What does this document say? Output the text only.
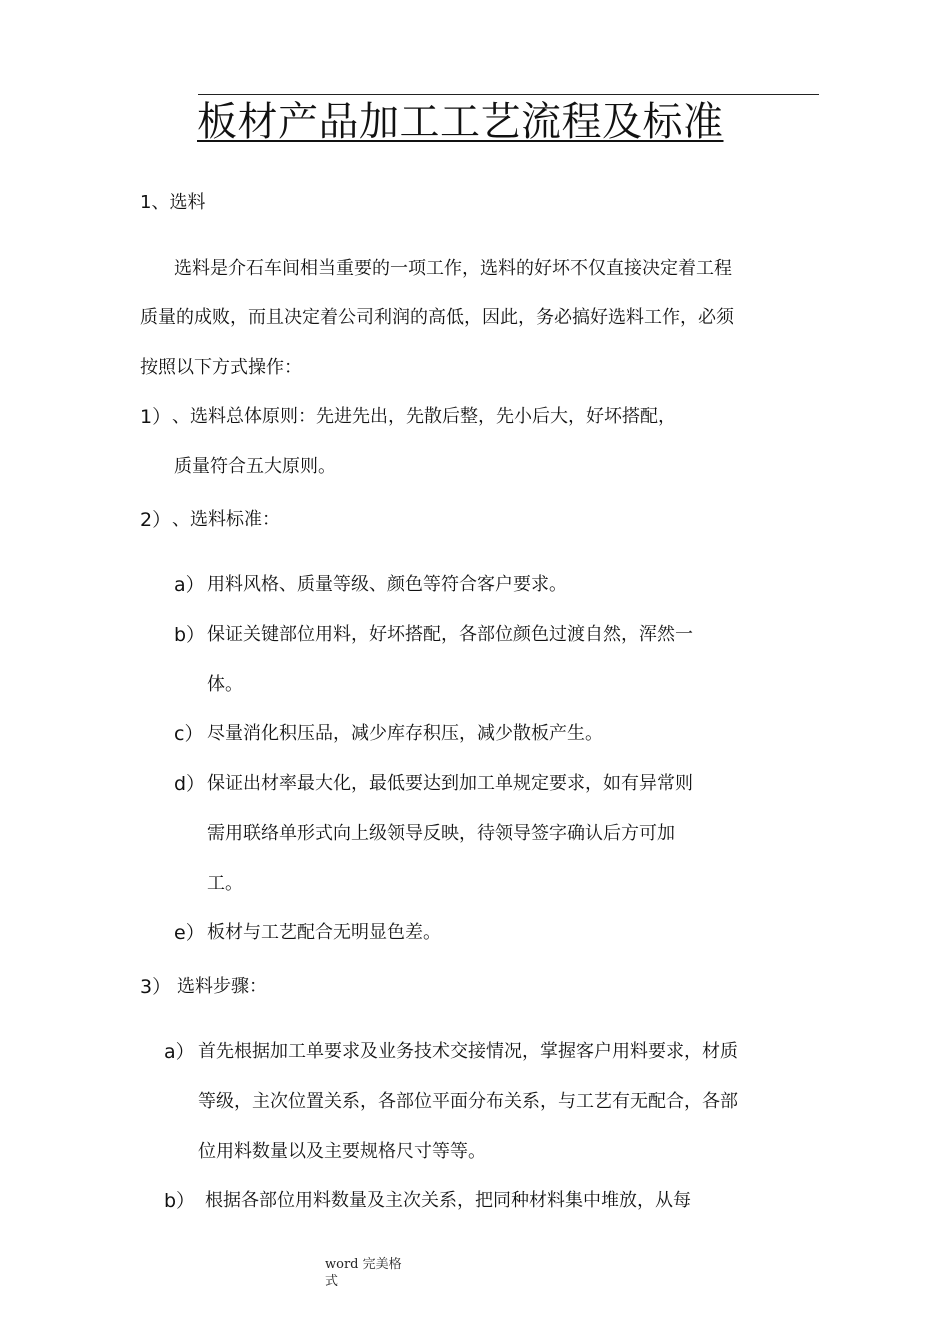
板材产品加工工艺流程及标准
1、选料
选料是介石车间相当重要的一项工作，选料的好坏不仅直接决定着工程
质量的成败，而且决定着公司利润的高低，因此，务必搞好选料工作，必须
按照以下方式操作：
1） 、选料总体原则：先进先出，先散后整，先小后大，好坏搭配，
质量符合五大原则。
2） 、选料标准：
a） 用料风格、质量等级、颜色等符合客户要求。
b） 保证关键部位用料，好坏搭配，各部位颜色过渡自然，浑然一
体。
c） 尽量消化积压品，减少库存积压，减少散板产生。
d） 保证出材率最大化，最低要达到加工单规定要求，如有异常则
需用联络单形式向上级领导反映，待领导签字确认后方可加
工。
e） 板材与工艺配合无明显色差。
3） 选料步骤：
a） 首先根据加工单要求及业务技术交接情况，掌握客户用料要求，材质
等级，主次位置关系，各部位平面分布关系，与工艺有无配合，各部
位用料数量以及主要规格尺寸等等。
b） 根据各部位用料数量及主次关系，把同种材料集中堆放，从每
word 完美格
式
